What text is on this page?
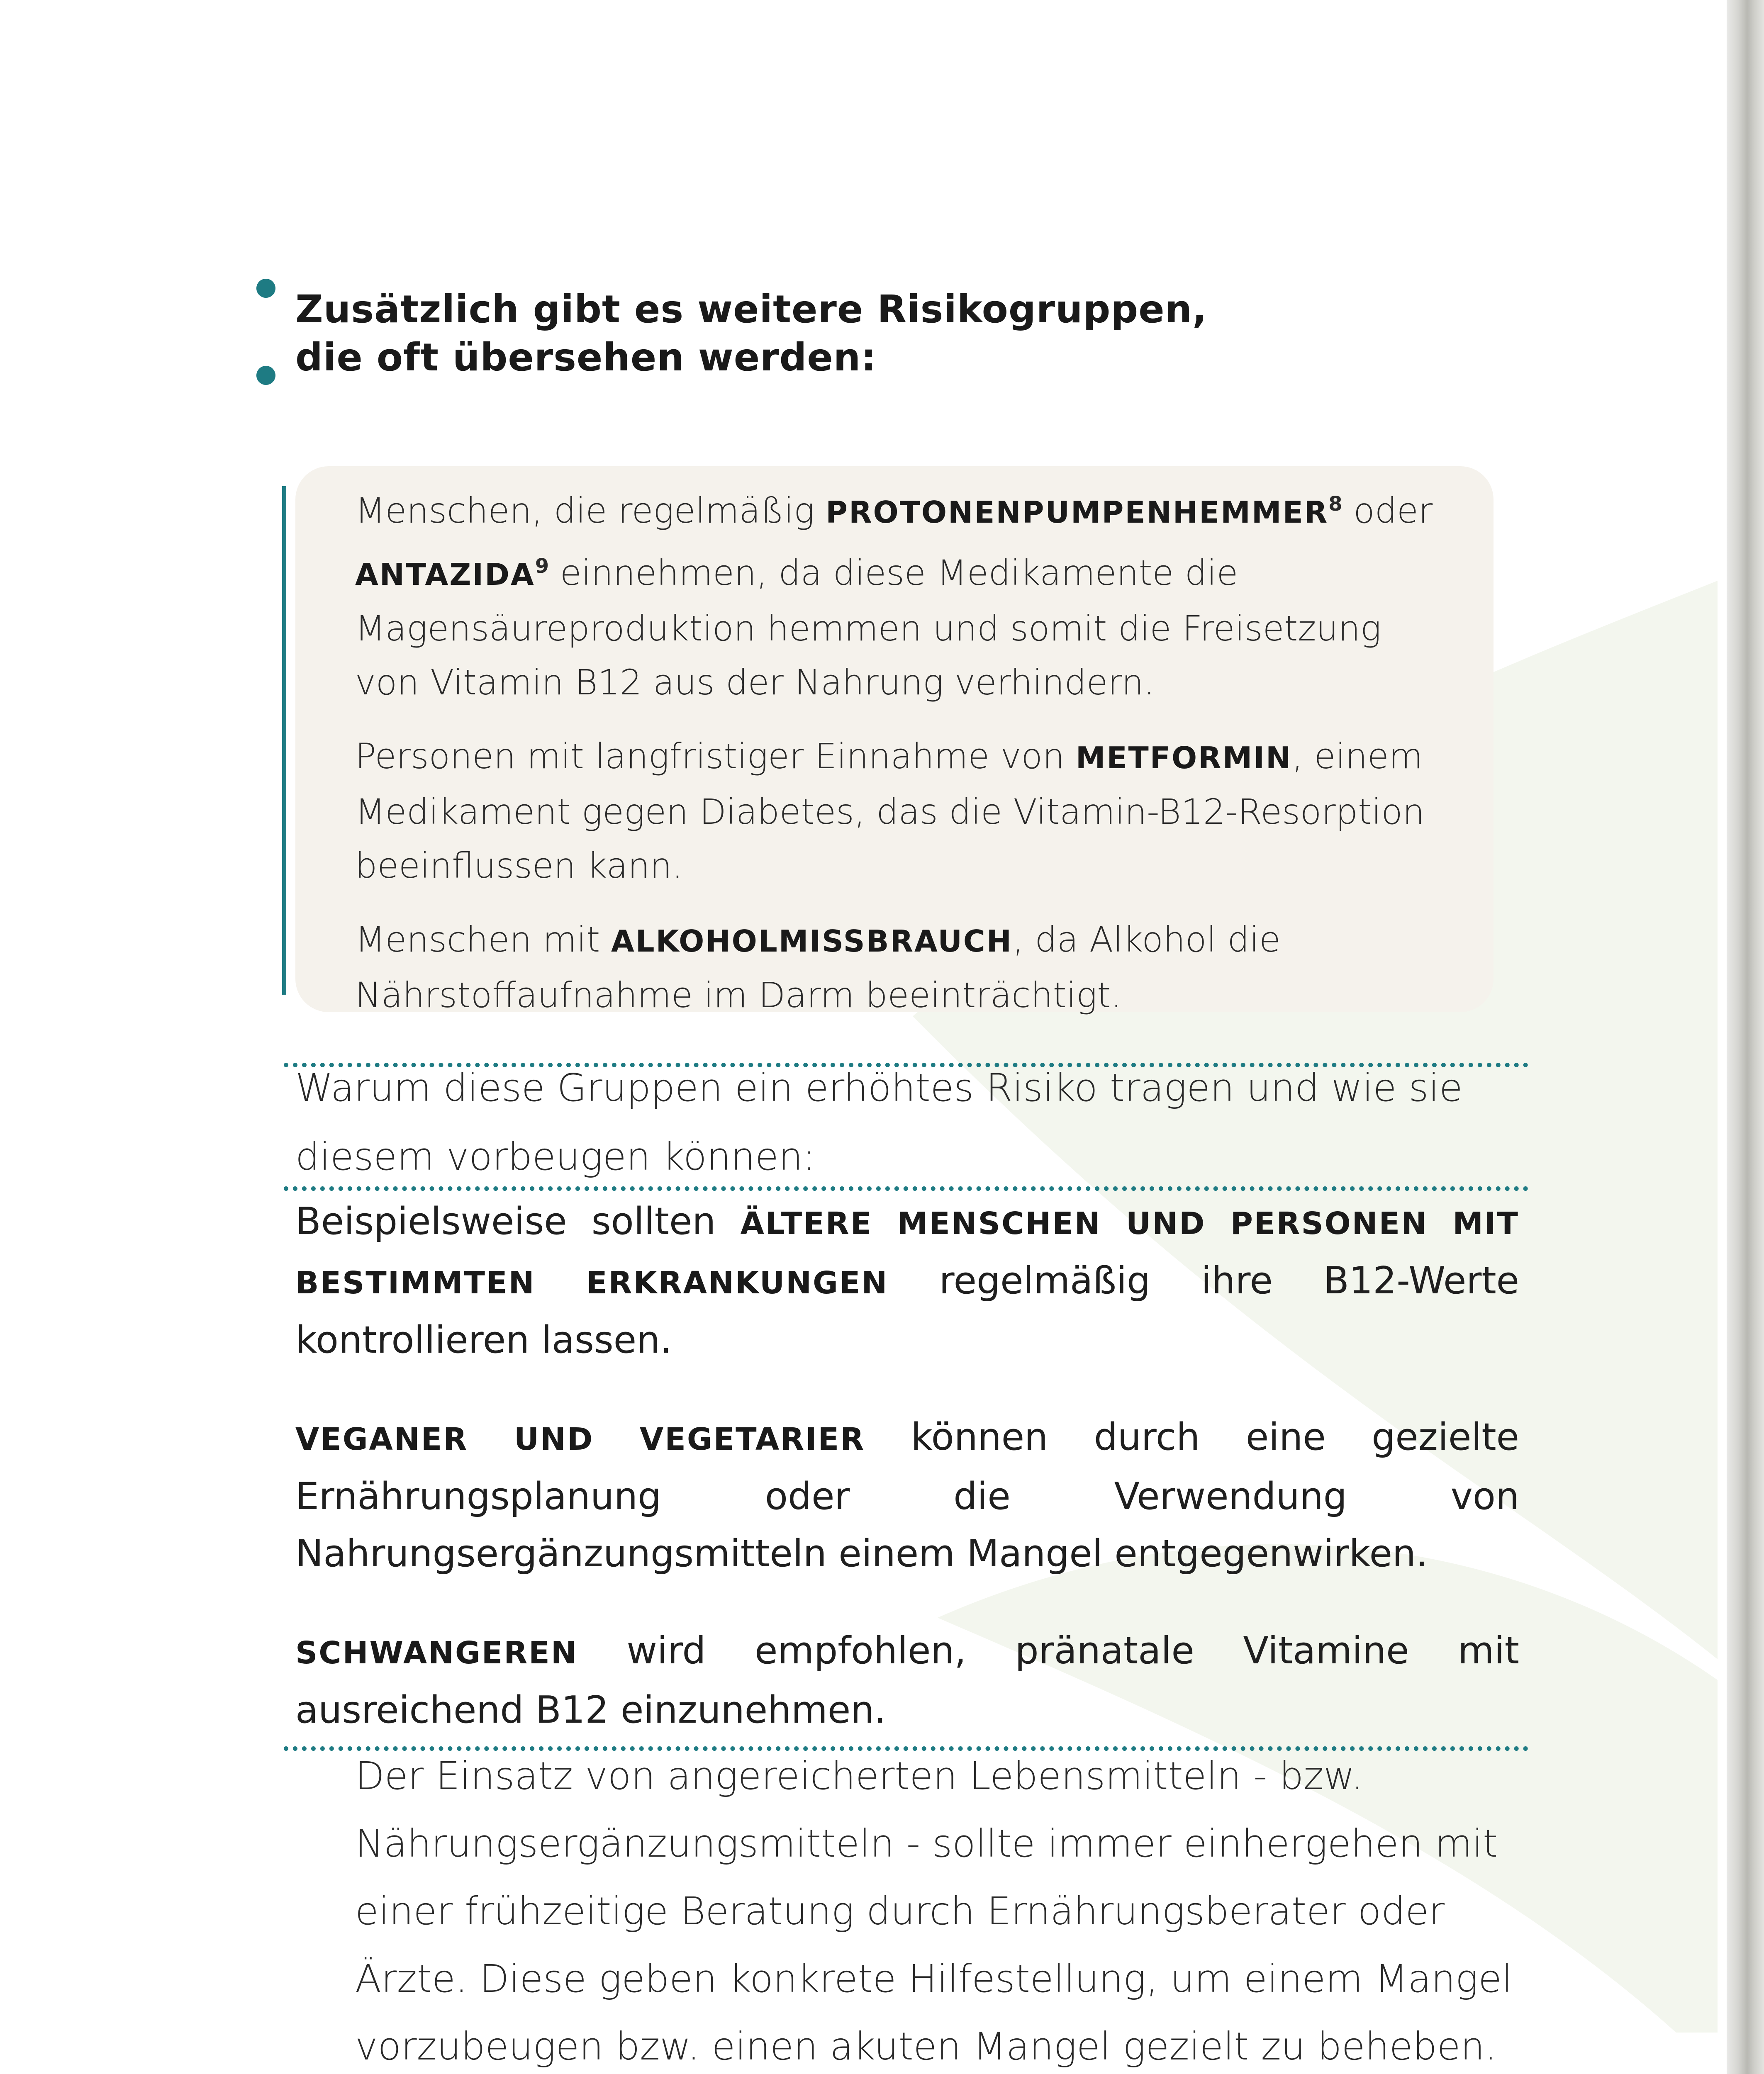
Zusätzlich gibt es weitere Risikogruppen,
die oft übersehen werden:

Menschen, die regelmäßig PROTONENPUMPENHEMMER$^8$ oder ANTAZIDA$^9$ einnehmen, da diese Medikamente die Magensäureproduktion hemmen und somit die Freisetzung von Vitamin B12 aus der Nahrung verhindern.

Personen mit langfristiger Einnahme von METFORMIN, einem Medikament gegen Diabetes, das die Vitamin-B12-Resorption beeinflussen kann.

Menschen mit ALKOHOLMISSBRAUCH, da Alkohol die Nährstoffaufnahme im Darm beeinträchtigt.

Warum diese Gruppen ein erhöhtes Risiko tragen und wie sie diesem vorbeugen können:

Beispielsweise sollten ÄLTERE MENSCHEN UND PERSONEN MIT BESTIMMTEN ERKRANKUNGEN regelmäßig ihre B12-Werte kontrollieren lassen.

VEGANER UND VEGETARIER können durch eine gezielte Ernährungsplanung oder die Verwendung von Nahrungsergänzungsmitteln einem Mangel entgegenwirken.

SCHWANGEREN wird empfohlen, pränatale Vitamine mit ausreichend B12 einzunehmen.

Der Einsatz von angereicherten Lebensmitteln - bzw. Nährungsergänzungsmitteln - sollte immer einhergehen mit einer frühzeitige Beratung durch Ernährungsberater oder Ärzte. Diese geben konkrete Hilfestellung, um einem Mangel vorzubeugen bzw. einen akuten Mangel gezielt zu beheben.
